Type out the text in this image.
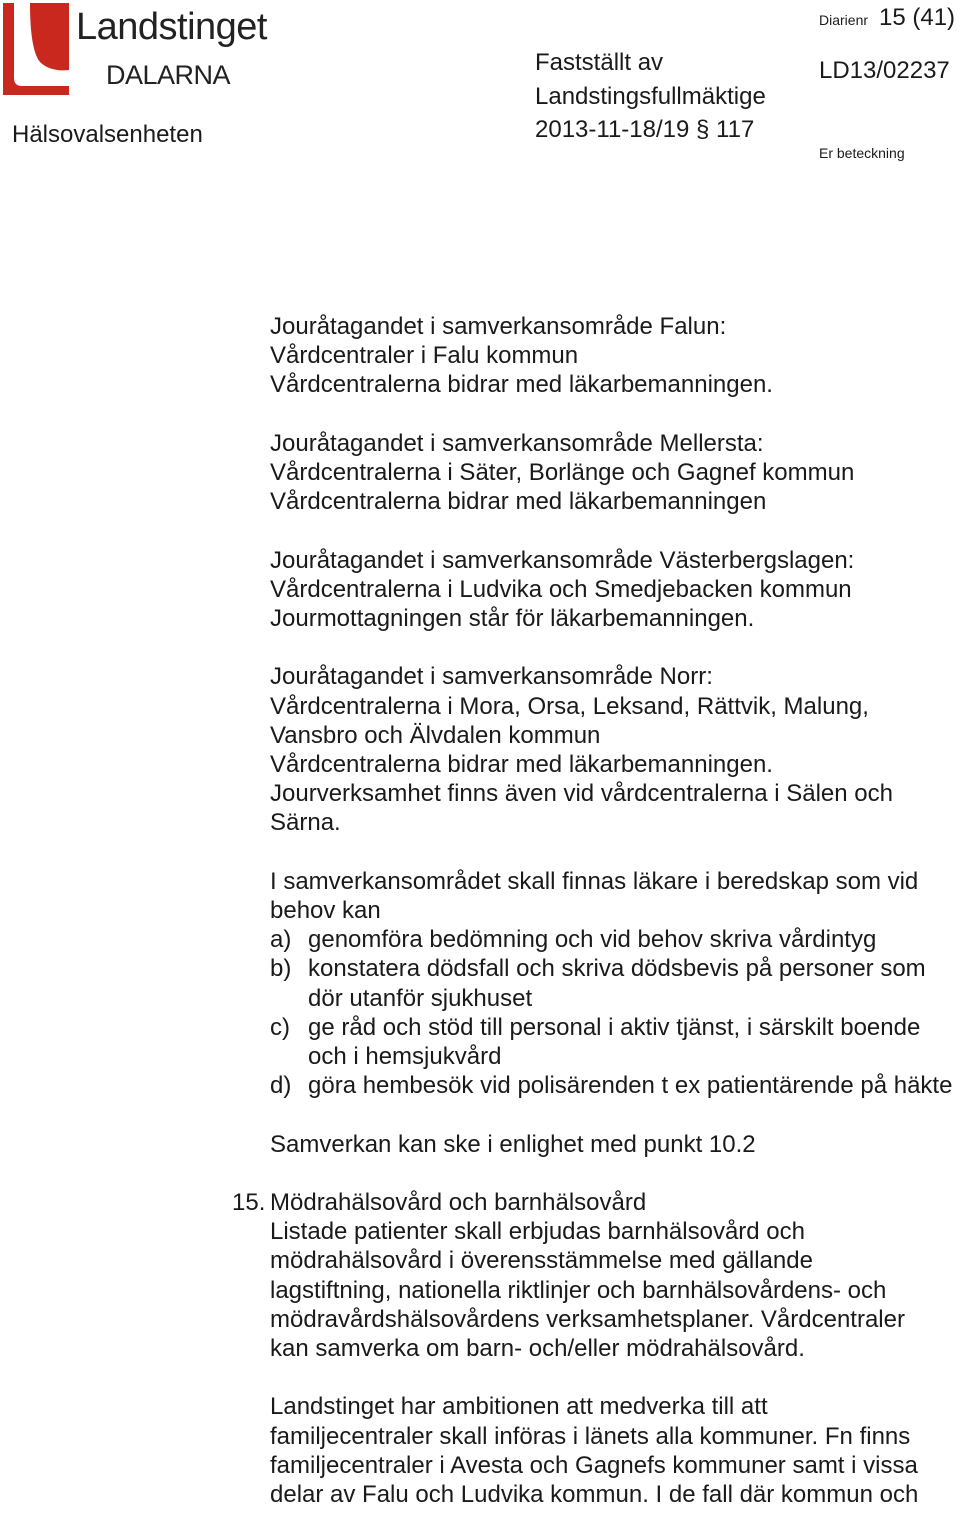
Landstinget
DALARNA
Hälsovalsenheten
Fastställt av
Landstingsfullmäktige
2013-11-18/19 § 117
Diarienr 15 (41)
LD13/02237
Er beteckning

Jouråtagandet i samverkansområde Falun:
Vårdcentraler i Falu kommun
Vårdcentralerna bidrar med läkarbemanningen.

Jouråtagandet i samverkansområde Mellersta:
Vårdcentralerna i Säter, Borlänge och Gagnef kommun
Vårdcentralerna bidrar med läkarbemanningen

Jouråtagandet i samverkansområde Västerbergslagen:
Vårdcentralerna i Ludvika och Smedjebacken kommun
Jourmottagningen står för läkarbemanningen.

Jouråtagandet i samverkansområde Norr:
Vårdcentralerna i Mora, Orsa, Leksand, Rättvik, Malung,
Vansbro och Älvdalen kommun
Vårdcentralerna bidrar med läkarbemanningen.
Jourverksamhet finns även vid vårdcentralerna i Sälen och
Särna.

I samverkansområdet skall finnas läkare i beredskap som vid
behov kan

a) genomföra bedömning och vid behov skriva vårdintyg
b) konstatera dödsfall och skriva dödsbevis på personer som dör utanför sjukhuset
c) ge råd och stöd till personal i aktiv tjänst, i särskilt boende och i hemsjukvård
d) göra hembesök vid polisärenden t ex patientärende på häkte

Samverkan kan ske i enlighet med punkt 10.2

15. Mödrahälsovård och barnhälsovård

Listade patienter skall erbjudas barnhälsovård och
mödrahälsovård i överensstämmelse med gällande
lagstiftning, nationella riktlinjer och barnhälsovårdens- och
mödravårdshälsovårdens verksamhetsplaner. Vårdcentraler
kan samverka om barn- och/eller mödrahälsovård.

Landstinget har ambitionen att medverka till att
familjecentraler skall införas i länets alla kommuner. Fn finns
familjecentraler i Avesta och Gagnefs kommuner samt i vissa
delar av Falu och Ludvika kommun. I de fall där kommun och
